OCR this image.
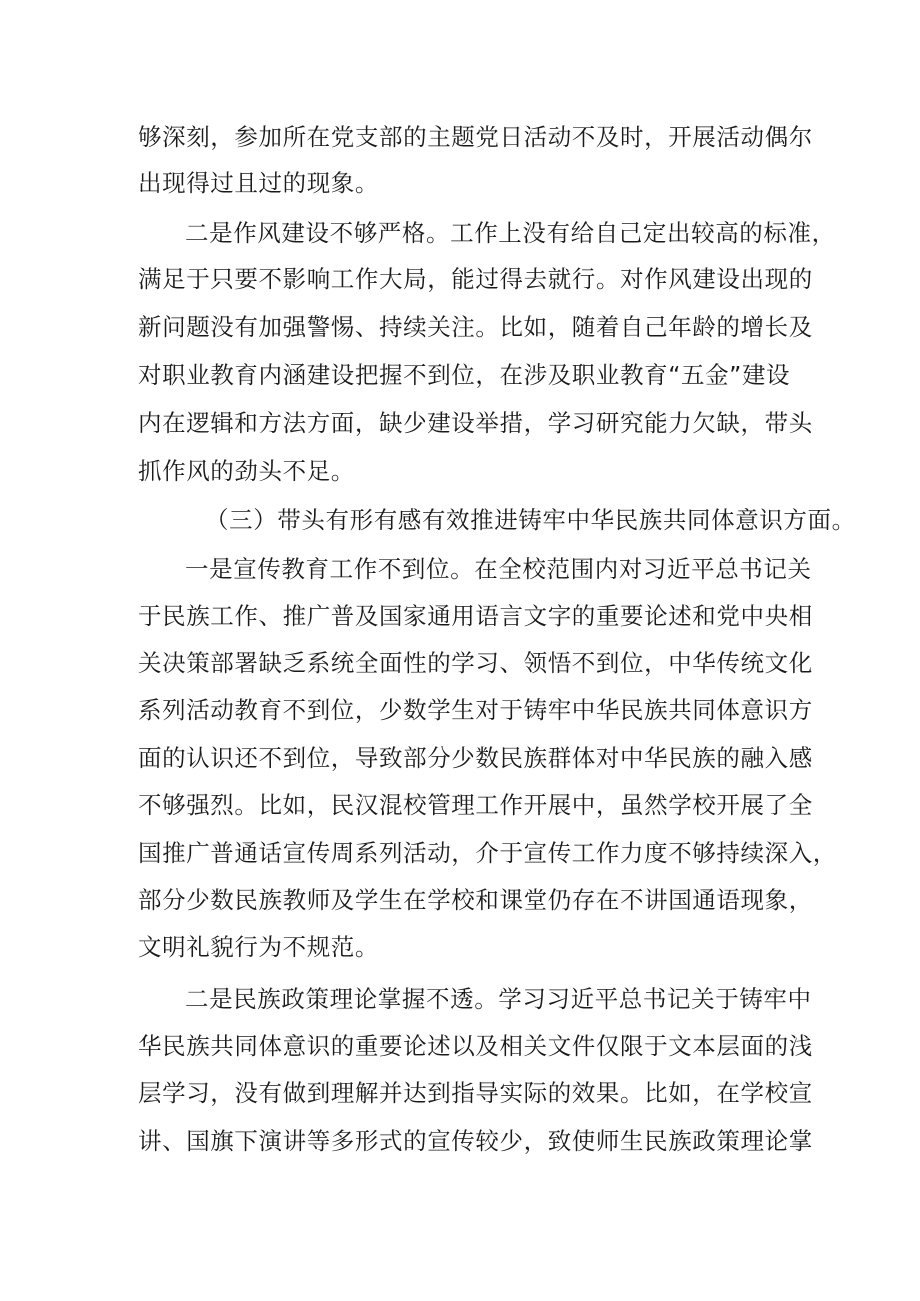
够深刻，参加所在党支部的主题党日活动不及时，开展活动偶尔
出现得过且过的现象。
二是作风建设不够严格。工作上没有给自己定出较高的标准，
满足于只要不影响工作大局，能过得去就行。对作风建设出现的
新问题没有加强警惕、持续关注。比如，随着自己年龄的增长及
对职业教育内涵建设把握不到位，在涉及职业教育“五金”建设
内在逻辑和方法方面，缺少建设举措，学习研究能力欠缺，带头
抓作风的劲头不足。
（三）带头有形有感有效推进铸牢中华民族共同体意识方面。
一是宣传教育工作不到位。在全校范围内对习近平总书记关
于民族工作、推广普及国家通用语言文字的重要论述和党中央相
关决策部署缺乏系统全面性的学习、领悟不到位，中华传统文化
系列活动教育不到位，少数学生对于铸牢中华民族共同体意识方
面的认识还不到位，导致部分少数民族群体对中华民族的融入感
不够强烈。比如，民汉混校管理工作开展中，虽然学校开展了全
国推广普通话宣传周系列活动，介于宣传工作力度不够持续深入，
部分少数民族教师及学生在学校和课堂仍存在不讲国通语现象，
文明礼貌行为不规范。
二是民族政策理论掌握不透。学习习近平总书记关于铸牢中
华民族共同体意识的重要论述以及相关文件仅限于文本层面的浅
层学习，没有做到理解并达到指导实际的效果。比如，在学校宣
讲、国旗下演讲等多形式的宣传较少，致使师生民族政策理论掌
